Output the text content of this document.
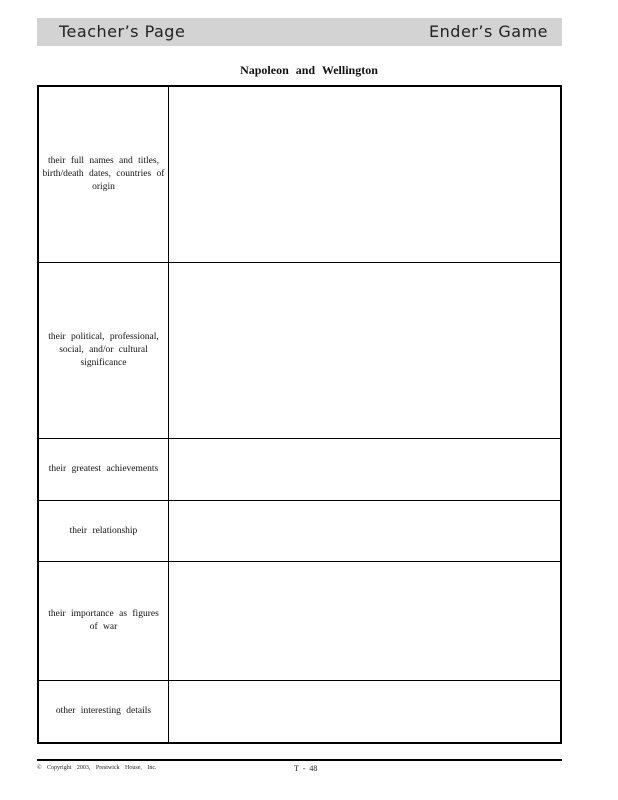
Teacher’s Page	Ender’s Game
Napoleon and Wellington
their full names and titles, birth/death dates, countries of origin	
their political, professional, social, and/or cultural significance	
their greatest achievements	
their relationship	
their importance as figures of war	
other interesting details	
© Copyright 2003, Prestwick House, Inc.	T - 48
